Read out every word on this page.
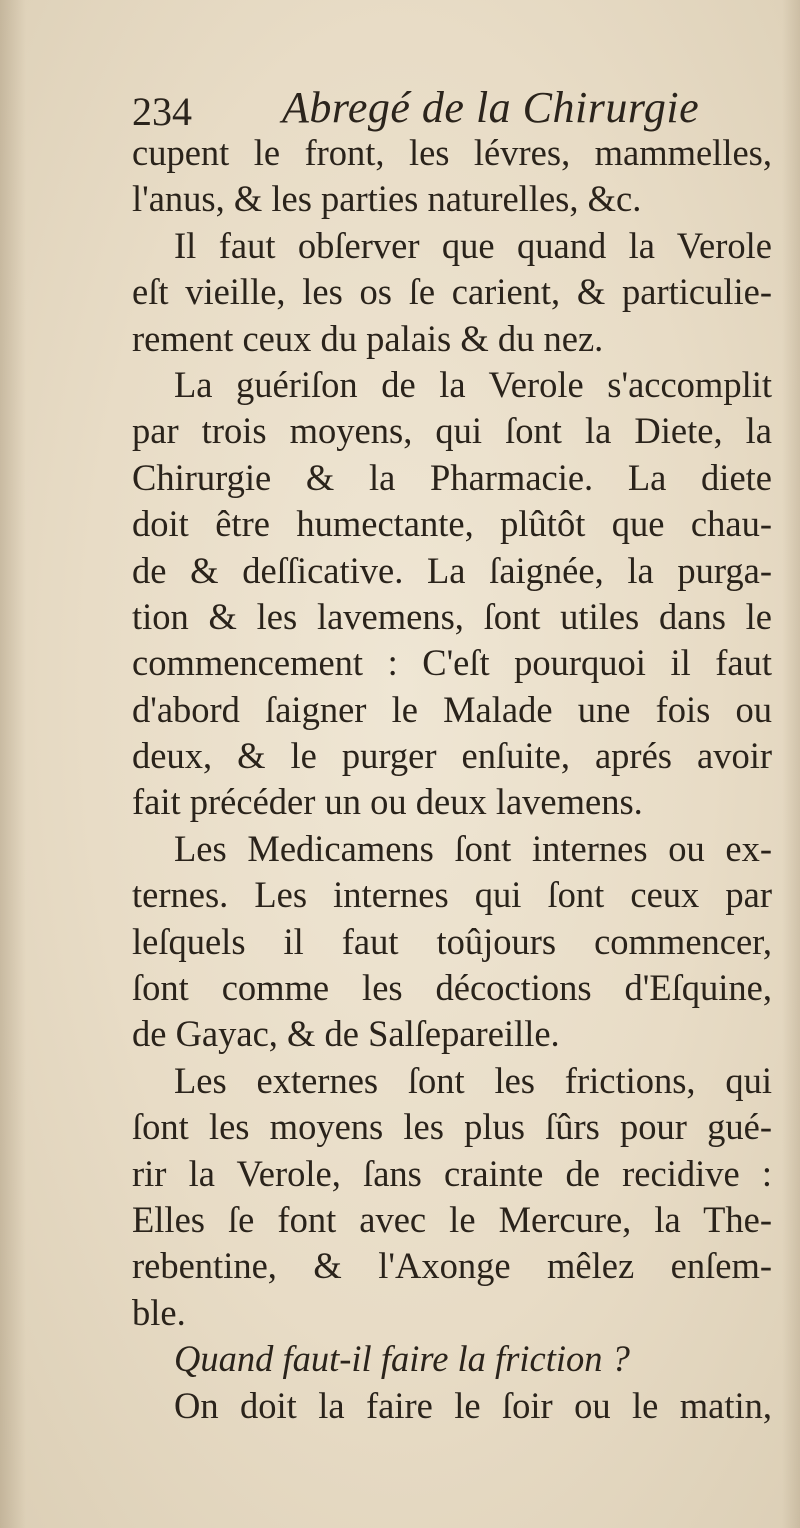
234 Abregé de la Chirurgie
cupent le front, les lévres, mammelles,
l'anus, & les parties naturelles, &c.
Il faut obſerver que quand la Verole
eſt vieille, les os ſe carient, & particulie-
rement ceux du palais & du nez.
La guériſon de la Verole s'accomplit
par trois moyens, qui ſont la Diete, la
Chirurgie & la Pharmacie. La diete
doit être humectante, plûtôt que chau-
de & deſſicative. La ſaignée, la purga-
tion & les lavemens, ſont utiles dans le
commencement : C'eſt pourquoi il faut
d'abord ſaigner le Malade une fois ou
deux, & le purger enſuite, aprés avoir
fait précéder un ou deux lavemens.
Les Medicamens ſont internes ou ex-
ternes. Les internes qui ſont ceux par
leſquels il faut toûjours commencer,
ſont comme les décoctions d'Eſquine,
de Gayac, & de Salſepareille.
Les externes ſont les frictions, qui
ſont les moyens les plus ſûrs pour gué-
rir la Verole, ſans crainte de recidive :
Elles ſe font avec le Mercure, la The-
rebentine, & l'Axonge mêlez enſem-
ble.
Quand faut-il faire la friction ?
On doit la faire le ſoir ou le matin,
